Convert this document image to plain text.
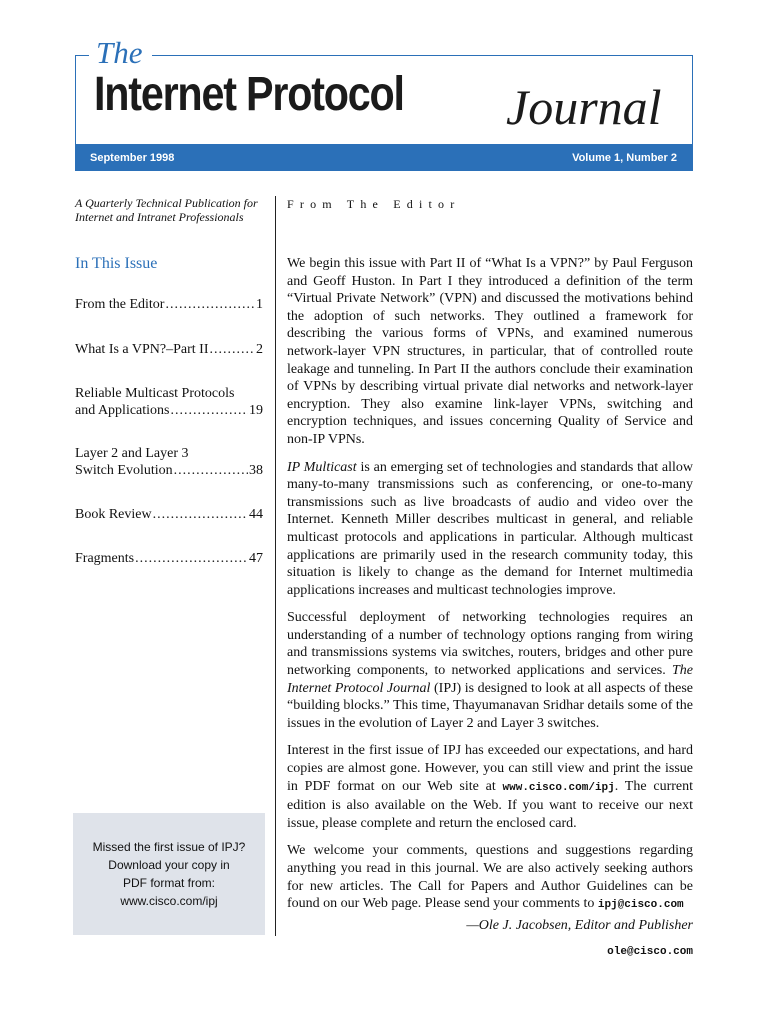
The
Internet Protocol Journal
September 1998	Volume 1, Number 2
A Quarterly Technical Publication for Internet and Intranet Professionals
In This Issue
From the Editor .....	1
What Is a VPN?–Part II .....	2
Reliable Multicast Protocols
and Applications .....	19
Layer 2 and Layer 3
Switch Evolution .....	38
Book Review .....	44
Fragments .....	47
Missed the first issue of IPJ?
Download your copy in
PDF format from:
www.cisco.com/ipj
From The Editor

We begin this issue with Part II of “What Is a VPN?” by Paul Ferguson and Geoff Huston. In Part I they introduced a definition of the term “Virtual Private Network” (VPN) and discussed the motivations behind the adoption of such networks. They outlined a framework for describing the various forms of VPNs, and examined numerous network-layer VPN structures, in particular, that of controlled route leakage and tunneling. In Part II the authors conclude their examination of VPNs by describing virtual private dial networks and network-layer encryption. They also examine link-layer VPNs, switching and encryption techniques, and issues concerning Quality of Service and non-IP VPNs.

IP Multicast is an emerging set of technologies and standards that allow many-to-many transmissions such as conferencing, or one-to-many transmissions such as live broadcasts of audio and video over the Internet. Kenneth Miller describes multicast in general, and reliable multicast protocols and applications in particular. Although multicast applications are primarily used in the research community today, this situation is likely to change as the demand for Internet multimedia applications increases and multicast technologies improve.

Successful deployment of networking technologies requires an understanding of a number of technology options ranging from wiring and transmissions systems via switches, routers, bridges and other pure networking components, to networked applications and services. The Internet Protocol Journal (IPJ) is designed to look at all aspects of these “building blocks.” This time, Thayumanavan Sridhar details some of the issues in the evolution of Layer 2 and Layer 3 switches.

Interest in the first issue of IPJ has exceeded our expectations, and hard copies are almost gone. However, you can still view and print the issue in PDF format on our Web site at www.cisco.com/ipj. The current edition is also available on the Web. If you want to receive our next issue, please complete and return the enclosed card.

We welcome your comments, questions and suggestions regarding anything you read in this journal. We are also actively seeking authors for new articles. The Call for Papers and Author Guidelines can be found on our Web page. Please send your comments to ipj@cisco.com

—Ole J. Jacobsen, Editor and Publisher

ole@cisco.com
